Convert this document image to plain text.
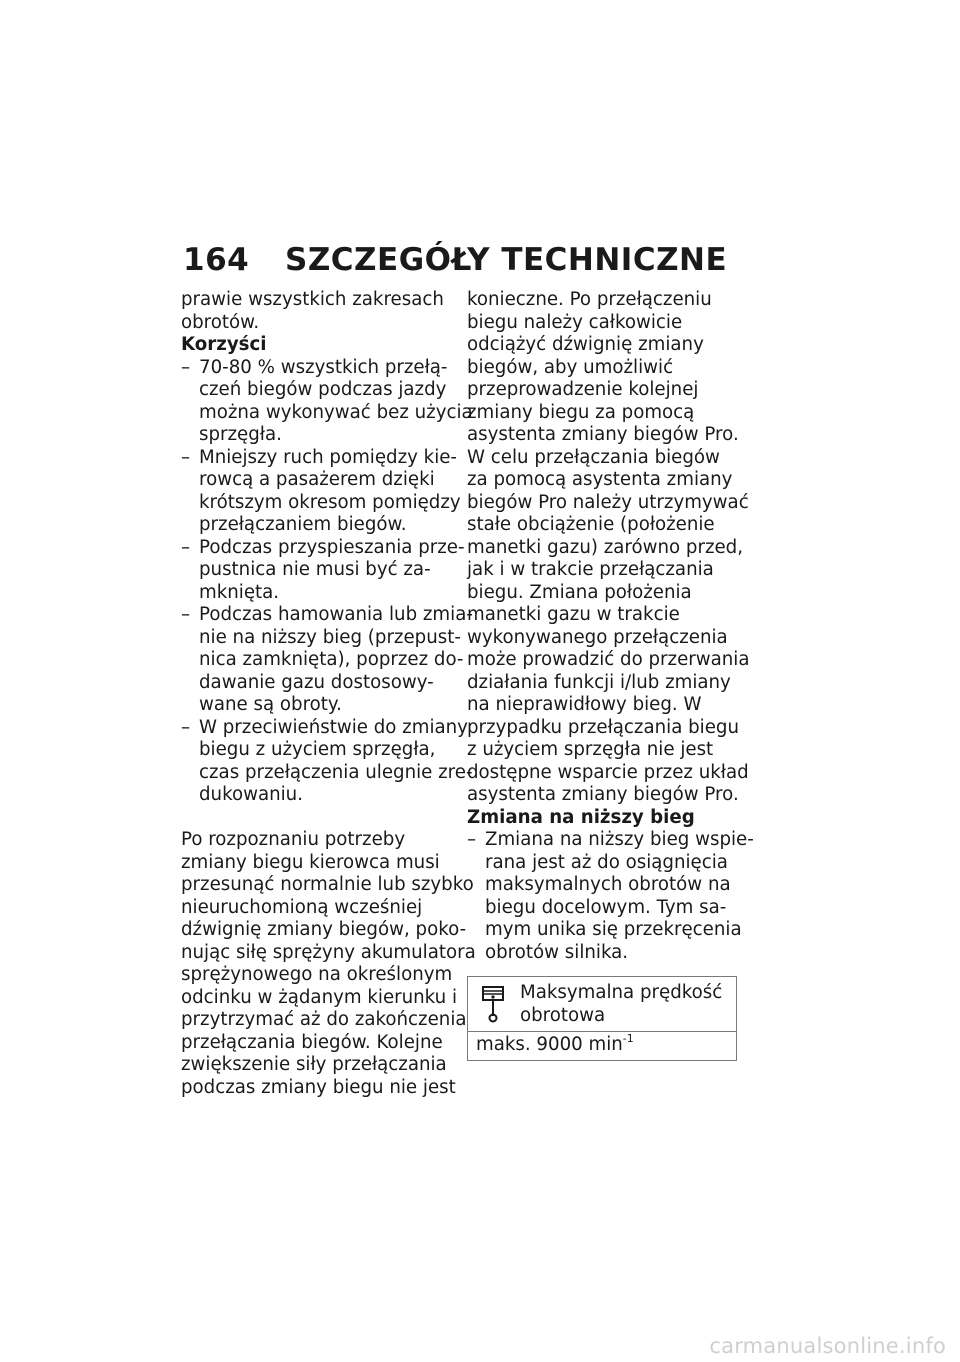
164	SZCZEGÓŁY TECHNICZNE

prawie wszystkich zakresach
obrotów.

Korzyści

– 70-80 % wszystkich przełą-
czeń biegów podczas jazdy
można wykonywać bez użycia
sprzęgła.
– Mniejszy ruch pomiędzy kie-
rowcą a pasażerem dzięki
krótszym okresom pomiędzy
przełączaniem biegów.
– Podczas przyspieszania prze-
pustnica nie musi być za-
mknięta.
– Podczas hamowania lub zmia-
nie na niższy bieg (przepust-
nica zamknięta), poprzez do-
dawanie gazu dostosowy-
wane są obroty.
– W przeciwieństwie do zmiany
biegu z użyciem sprzęgła,
czas przełączenia ulegnie zre-
dukowaniu.

Po rozpoznaniu potrzeby
zmiany biegu kierowca musi
przesunąć normalnie lub szybko
nieuruchomioną wcześniej
dźwignię zmiany biegów, poko-
nując siłę sprężyny akumulatora
sprężynowego na określonym
odcinku w żądanym kierunku i
przytrzymać aż do zakończenia
przełączania biegów. Kolejne
zwiększenie siły przełączania
podczas zmiany biegu nie jest

konieczne. Po przełączeniu
biegu należy całkowicie
odciążyć dźwignię zmiany
biegów, aby umożliwić
przeprowadzenie kolejnej
zmiany biegu za pomocą
asystenta zmiany biegów Pro.
W celu przełączania biegów
za pomocą asystenta zmiany
biegów Pro należy utrzymywać
stałe obciążenie (położenie
manetki gazu) zarówno przed,
jak i w trakcie przełączania
biegu. Zmiana położenia
manetki gazu w trakcie
wykonywanego przełączenia
może prowadzić do przerwania
działania funkcji i/lub zmiany
na nieprawidłowy bieg. W
przypadku przełączania biegu
z użyciem sprzęgła nie jest
dostępne wsparcie przez układ
asystenta zmiany biegów Pro.

Zmiana na niższy bieg

– Zmiana na niższy bieg wspie-
rana jest aż do osiągnięcia
maksymalnych obrotów na
biegu docelowym. Tym sa-
mym unika się przekręcenia
obrotów silnika.
Maksymalna prędkość
obrotowa
maks. 9000 $\min^{-1}$
carmanualsonline.info
